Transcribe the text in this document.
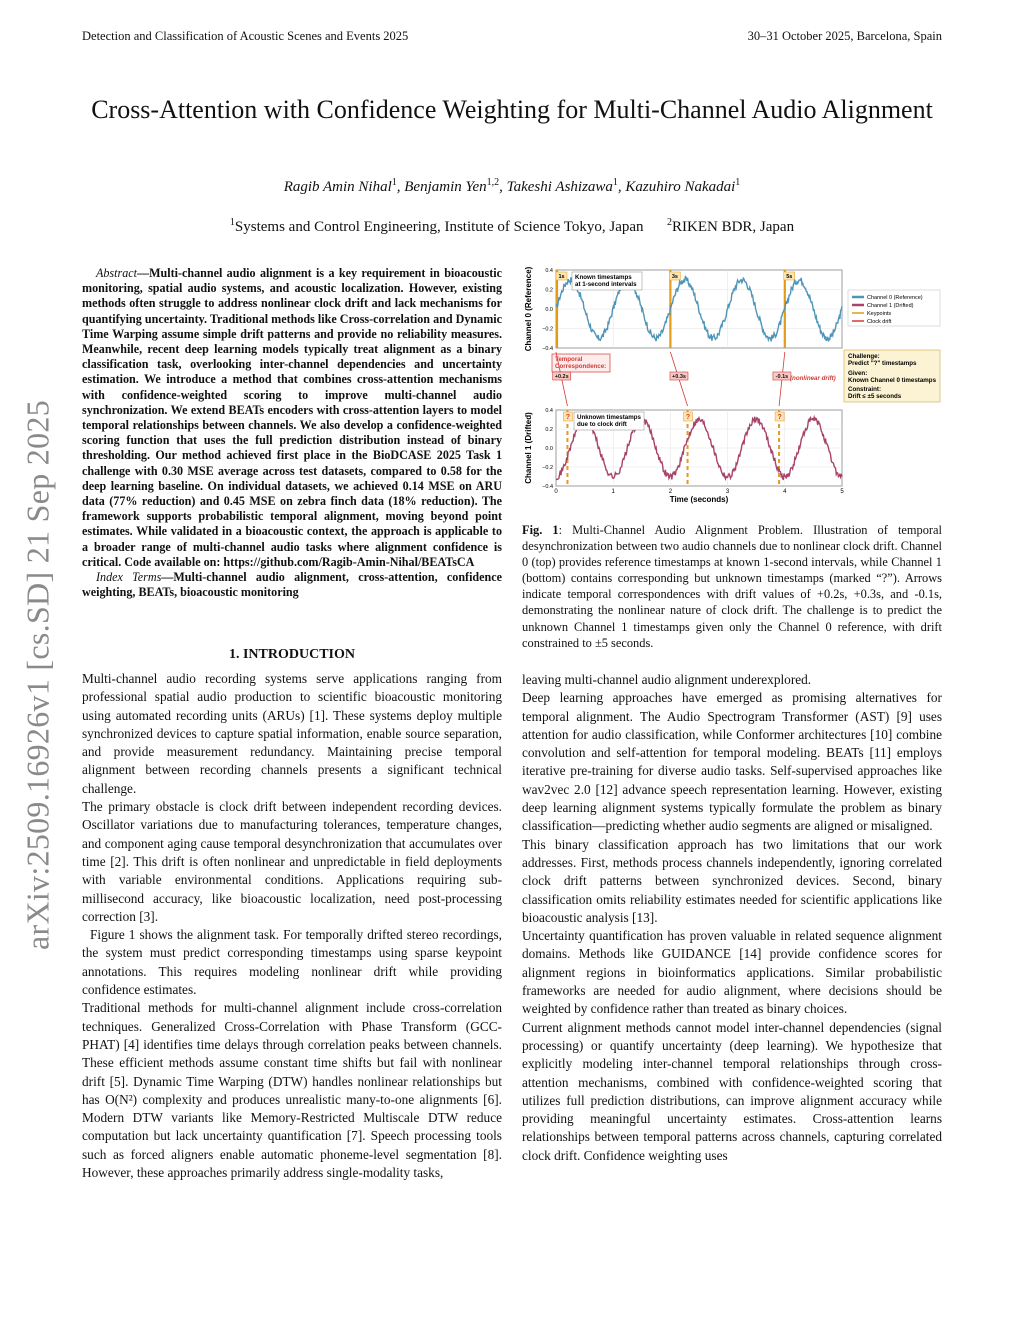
Detection and Classification of Acoustic Scenes and Events 2025	30–31 October 2025, Barcelona, Spain
arXiv:2509.16926v1 [cs.SD] 21 Sep 2025
Cross-Attention with Confidence Weighting for Multi-Channel Audio Alignment
Ragib Amin Nihal$^1$, Benjamin Yen$^{1,2}$, Takeshi Ashizawa$^1$, Kazuhiro Nakadai$^1$
$^1$Systems and Control Engineering, Institute of Science Tokyo, Japan $^2$RIKEN BDR, Japan

Abstract—Multi-channel audio alignment is a key requirement in bioacoustic monitoring, spatial audio systems, and acoustic localization. However, existing methods often struggle to address nonlinear clock drift and lack mechanisms for quantifying uncertainty. Traditional methods like Cross-correlation and Dynamic Time Warping assume simple drift patterns and provide no reliability measures. Meanwhile, recent deep learning models typically treat alignment as a binary classification task, overlooking inter-channel dependencies and uncertainty estimation. We introduce a method that combines cross-attention mechanisms with confidence-weighted scoring to improve multi-channel audio synchronization. We extend BEATs encoders with cross-attention layers to model temporal relationships between channels. We also develop a confidence-weighted scoring function that uses the full prediction distribution instead of binary thresholding. Our method achieved first place in the BioDCASE 2025 Task 1 challenge with 0.30 MSE average across test datasets, compared to 0.58 for the deep learning baseline. On individual datasets, we achieved 0.14 MSE on ARU data (77% reduction) and 0.45 MSE on zebra finch data (18% reduction). The framework supports probabilistic temporal alignment, moving beyond point estimates. While validated in a bioacoustic context, the approach is applicable to a broader range of multi-channel audio tasks where alignment confidence is critical. Code available on: https://github.com/Ragib-Amin-Nihal/BEATsCA

Index Terms—Multi-channel audio alignment, cross-attention, confidence weighting, BEATs, bioacoustic monitoring

1. INTRODUCTION

Multi-channel audio recording systems serve applications ranging from professional spatial audio production to scientific bioacoustic monitoring using automated recording units (ARUs) [1]. These systems deploy multiple synchronized devices to capture spatial information, enable source separation, and provide measurement redundancy. Maintaining precise temporal alignment between recording channels presents a significant technical challenge.

The primary obstacle is clock drift between independent recording devices. Oscillator variations due to manufacturing tolerances, temperature changes, and component aging cause temporal desynchronization that accumulates over time [2]. This drift is often nonlinear and unpredictable in field deployments with variable environmental conditions. Applications requiring sub-millisecond accuracy, like bioacoustic localization, need post-processing correction [3].

Figure 1 shows the alignment task. For temporally drifted stereo recordings, the system must predict corresponding timestamps using sparse keypoint annotations. This requires modeling nonlinear drift while providing confidence estimates.

Traditional methods for multi-channel alignment include cross-correlation techniques. Generalized Cross-Correlation with Phase Transform (GCC-PHAT) [4] identifies time delays through correlation peaks between channels. These efficient methods assume constant time shifts but fail with nonlinear drift [5]. Dynamic Time Warping (DTW) handles nonlinear relationships but has O(N²) complexity and produces unrealistic many-to-one alignments [6]. Modern DTW variants like Memory-Restricted Multiscale DTW reduce computation but lack uncertainty quantification [7]. Speech processing tools such as forced aligners enable automatic phoneme-level segmentation [8]. However, these approaches primarily address single-modality tasks,

1s	3s	5s
?	?	?
−0.4
−0.2
0.0
0.2
0.4
−0.4
−0.2
0.0
0.2
0.4
0	1	2	3	4	5
Channel 0 (Reference)
Channel 1 (Drifted)
Time (seconds)
Known timestamps at 1-second intervals
Unknown timestamps due to clock drift
Temporal Correspondence:
+0.2s	+0.3s	-0.1s (nonlinear drift)
Channel 0 (Reference)
Channel 1 (Drifted)
Keypoints
Clock drift
Challenge:
Predict "?" timestamps
Given:
Known Channel 0 timestamps
Constraint:
Drift ≤ ±5 seconds
Fig. 1: Multi-Channel Audio Alignment Problem. Illustration of temporal desynchronization between two audio channels due to nonlinear clock drift. Channel 0 (top) provides reference timestamps at known 1-second intervals, while Channel 1 (bottom) contains corresponding but unknown timestamps (marked “?”). Arrows indicate temporal correspondences with drift values of +0.2s, +0.3s, and -0.1s, demonstrating the nonlinear nature of clock drift. The challenge is to predict the unknown Channel 1 timestamps given only the Channel 0 reference, with drift constrained to ±5 seconds.

leaving multi-channel audio alignment underexplored.

Deep learning approaches have emerged as promising alternatives for temporal alignment. The Audio Spectrogram Transformer (AST) [9] uses attention for audio classification, while Conformer architectures [10] combine convolution and self-attention for temporal modeling. BEATs [11] employs iterative pre-training for diverse audio tasks. Self-supervised approaches like wav2vec 2.0 [12] advance speech representation learning. However, existing deep learning alignment systems typically formulate the problem as binary classification—predicting whether audio segments are aligned or misaligned.

This binary classification approach has two limitations that our work addresses. First, methods process channels independently, ignoring correlated clock drift patterns between synchronized devices. Second, binary classification omits reliability estimates needed for scientific applications like bioacoustic analysis [13].

Uncertainty quantification has proven valuable in related sequence alignment domains. Methods like GUIDANCE [14] provide confidence scores for alignment regions in bioinformatics applications. Similar probabilistic frameworks are needed for audio alignment, where decisions should be weighted by confidence rather than treated as binary choices.

Current alignment methods cannot model inter-channel dependencies (signal processing) or quantify uncertainty (deep learning). We hypothesize that explicitly modeling inter-channel temporal relationships through cross-attention mechanisms, combined with confidence-weighted scoring that utilizes full prediction distributions, can improve alignment accuracy while providing meaningful uncertainty estimates. Cross-attention learns relationships between temporal patterns across channels, capturing correlated clock drift. Confidence weighting uses
